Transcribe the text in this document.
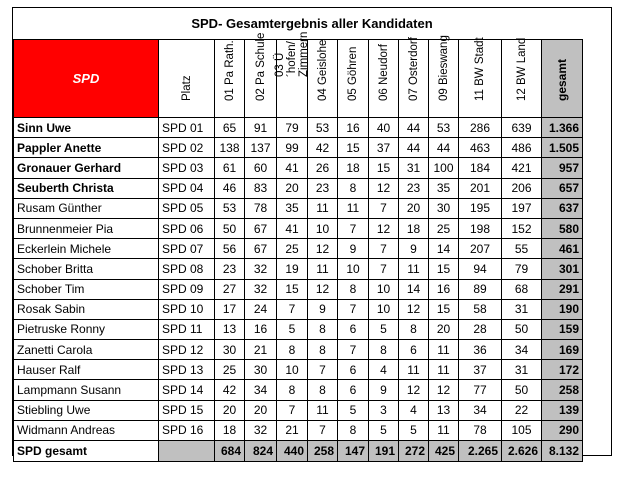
SPD- Gesamtergebnis aller Kandidaten
SPD	Platz	01 Pa Rath.	02 Pa Schule	03 Ü´hofen/ Zimmern	04 Geislohe	05 Göhren	06 Neudorf	07 Osterdorf	09 Bieswang	11 BW Stadt	12 BW Land	gesamt

Sinn Uwe	SPD 01	65	91	79	53	16	40	44	53	286	639	1.366
Pappler Anette	SPD 02	138	137	99	42	15	37	44	44	463	486	1.505
Gronauer Gerhard	SPD 03	61	60	41	26	18	15	31	100	184	421	957
Seuberth Christa	SPD 04	46	83	20	23	8	12	23	35	201	206	657
Rusam Günther	SPD 05	53	78	35	11	11	7	20	30	195	197	637
Brunnenmeier Pia	SPD 06	50	67	41	10	7	12	18	25	198	152	580
Eckerlein Michele	SPD 07	56	67	25	12	9	7	9	14	207	55	461
Schober Britta	SPD 08	23	32	19	11	10	7	11	15	94	79	301
Schober Tim	SPD 09	27	32	15	12	8	10	14	16	89	68	291
Rosak Sabin	SPD 10	17	24	7	9	7	10	12	15	58	31	190
Pietruske Ronny	SPD 11	13	16	5	8	6	5	8	20	28	50	159
Zanetti Carola	SPD 12	30	21	8	8	7	8	6	11	36	34	169
Hauser Ralf	SPD 13	25	30	10	7	6	4	11	11	37	31	172
Lampmann Susann	SPD 14	42	34	8	8	6	9	12	12	77	50	258
Stiebling Uwe	SPD 15	20	20	7	11	5	3	4	13	34	22	139
Widmann Andreas	SPD 16	18	32	21	7	8	5	5	11	78	105	290
SPD gesamt		684	824	440	258	147	191	272	425	2.265	2.626	8.132
